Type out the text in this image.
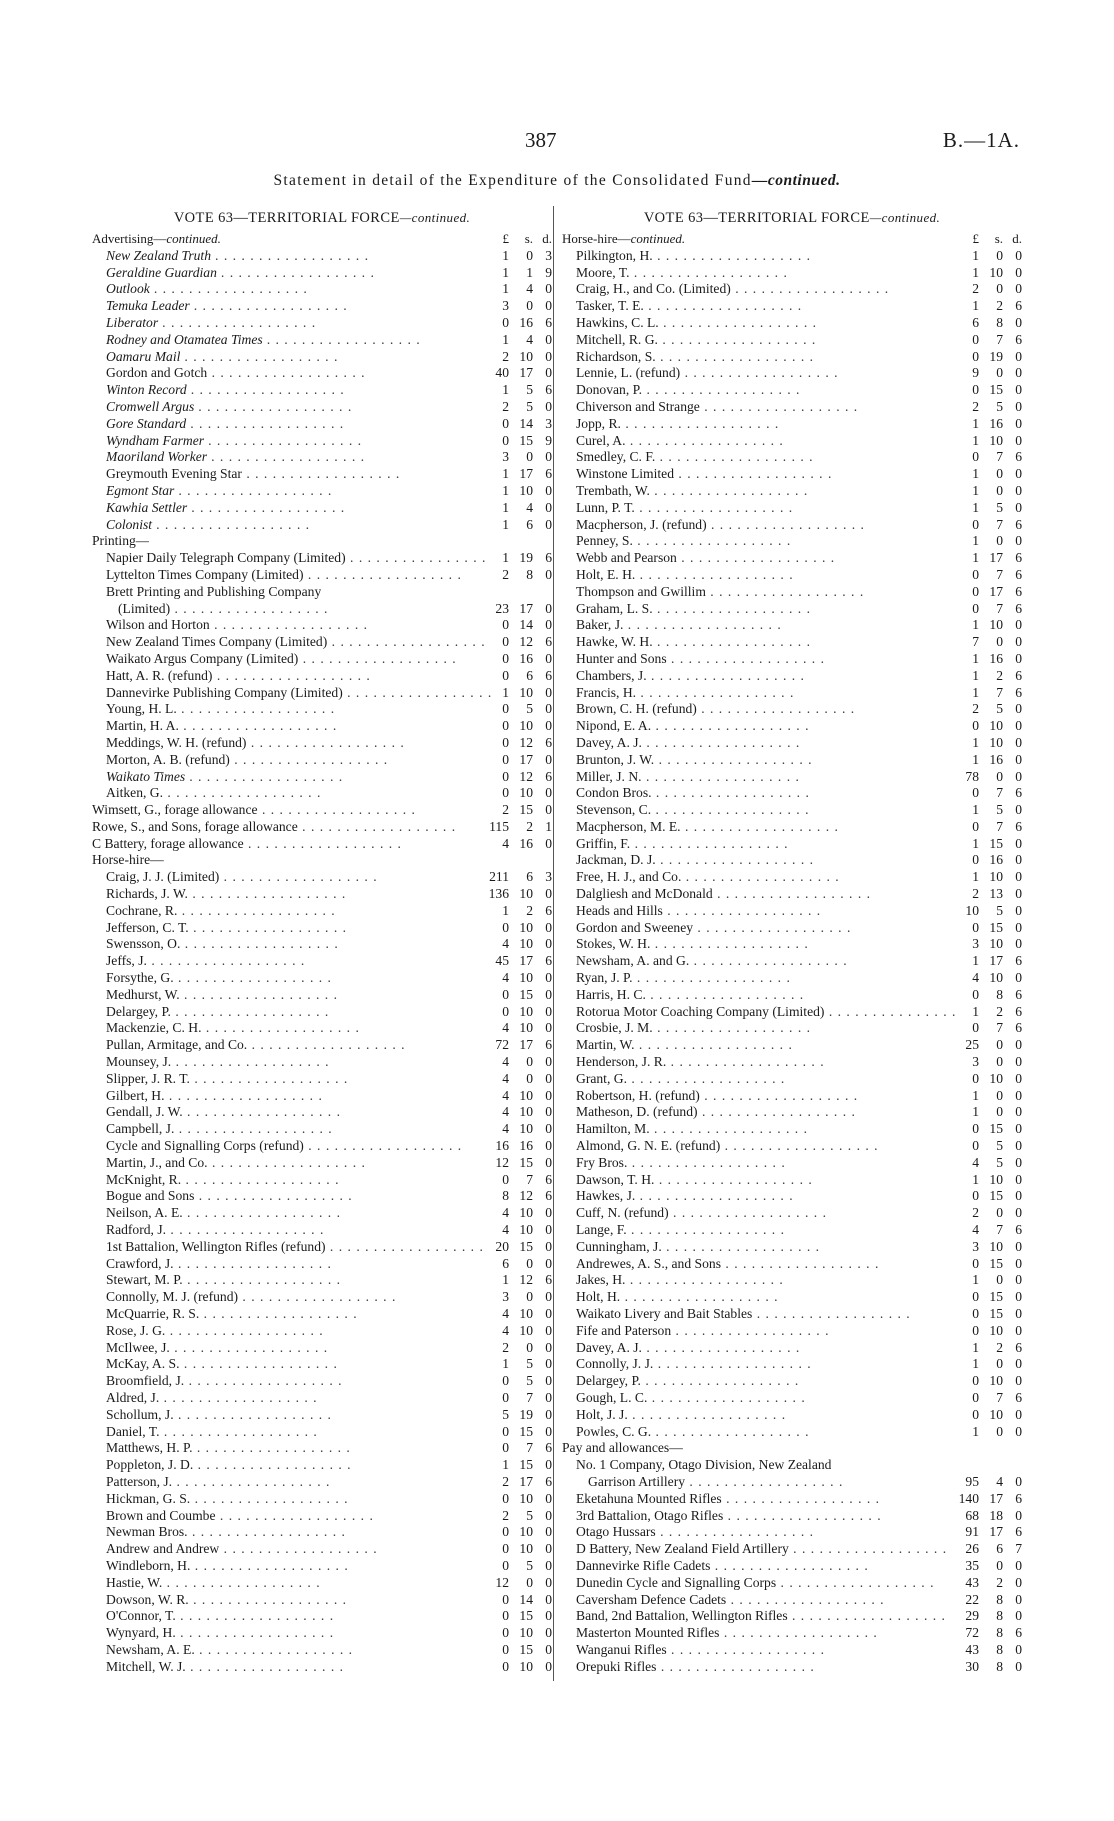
387	B.—1A.
Statement in detail of the Expenditure of the Consolidated Fund—continued.
VOTE 63—TERRITORIAL FORCE—continued.
Advertising—continued.	£	s. d.
New Zealand Truth . .	1	0 3
Geraldine Guardian . .	1	1 9
Outlook . .	1	4 0
Temuka Leader . .	3	0 0
Liberator . .	0 16 6
Rodney and Otamatea Times . .	1	4 0
Oamaru Mail . .	2 10 0
Gordon and Gotch . .	40 17 0
Winton Record . .	1	5 6
Cromwell Argus . .	2	5 0
Gore Standard . .	0 14 3
Wyndham Farmer . .	0 15 9
Maoriland Worker . .	3	0 0
Greymouth Evening Star . .	1 17 6
Egmont Star . .	1 10 0
Kawhia Settler . .	1	4 0
Colonist . .	1	6 0
Printing—
Napier Daily Telegraph Company (Limited) . .	1 19 6
Lyttelton Times Company (Limited) . .	2	8 0
Brett Printing and Publishing Company
(Limited) . .	23 17 0
Wilson and Horton . .	0 14 0
New Zealand Times Company (Limited) . .	0 12 6
Waikato Argus Company (Limited) . .	0 16 0
Hatt, A. R. (refund) . .	0	6 6
Dannevirke Publishing Company (Limited) . .	1 10 0
Young, H. L. . .	0	5 0
Martin, H. A. . .	0 10 0
Meddings, W. H. (refund) . .	0 12 6
Morton, A. B. (refund) . .	0 17 0
Waikato Times . .	0 12 6
Aitken, G. . .	0 10 0
Wimsett, G., forage allowance . .	2 15 0
Rowe, S., and Sons, forage allowance . .	115	2 1
C Battery, forage allowance . .	4 16 0
Horse-hire—
Craig, J. J. (Limited) . .	211	6 3
Richards, J. W. . .	136 10 0
Cochrane, R. . .	1	2 6
Jefferson, C. T. . .	0 10 0
Swensson, O. . .	4 10 0
Jeffs, J. . .	45 17 6
Forsythe, G. . .	4 10 0
Medhurst, W. . .	0 15 0
Delargey, P. . .	0 10 0
Mackenzie, C. H. . .	4 10 0
Pullan, Armitage, and Co. . .	72 17 6
Mounsey, J. . .	4	0 0
Slipper, J. R. T. . .	4	0 0
Gilbert, H. . .	4 10 0
Gendall, J. W. . .	4 10 0
Campbell, J. . .	4 10 0
Cycle and Signalling Corps (refund) . .	16 16 0
Martin, J., and Co. . .	12 15 0
McKnight, R. . .	0	7 6
Bogue and Sons . .	8 12 6
Neilson, A. E. . .	4 10 0
Radford, J. . .	4 10 0
1st Battalion, Wellington Rifles (refund) . .	20 15 0
Crawford, J. . .	6	0 0
Stewart, M. P. . .	1 12 6
Connolly, M. J. (refund) . .	3	0 0
McQuarrie, R. S. . .	4 10 0
Rose, J. G. . .	4 10 0
McIlwee, J. . .	2	0 0
McKay, A. S. . .	1	5 0
Broomfield, J. . .	0	5 0
Aldred, J. . .	0	7 0
Schollum, J. . .	5 19 0
Daniel, T. . .	0 15 0
Matthews, H. P. . .	0	7 6
Poppleton, J. D. . .	1 15 0
Patterson, J. . .	2 17 6
Hickman, G. S. . .	0 10 0
Brown and Coumbe . .	2	5 0
Newman Bros. . .	0 10 0
Andrew and Andrew . .	0 10 0
Windleborn, H. . .	0	5 0
Hastie, W. . .	12	0 0
Dowson, W. R. . .	0 14 0
O'Connor, T. . .	0 15 0
Wynyard, H. . .	0 10 0
Newsham, A. E. . .	0 15 0
Mitchell, W. J. . .	0 10 0
VOTE 63—TERRITORIAL FORCE—continued.
Horse-hire—continued.	£	s. d.
Pilkington, H. . .	1	0 0
Moore, T. . .	1 10 0
Craig, H., and Co. (Limited) . .	2	0 0
Tasker, T. E. . .	1	2 6
Hawkins, C. L. . .	6	8 0
Mitchell, R. G. . .	0	7 6
Richardson, S. . .	0 19 0
Lennie, L. (refund) . .	9	0 0
Donovan, P. . .	0 15 0
Chiverson and Strange . .	2	5 0
Jopp, R. . .	1 16 0
Curel, A. . .	1 10 0
Smedley, C. F. . .	0	7 6
Winstone Limited . .	1	0 0
Trembath, W. . .	1	0 0
Lunn, P. T. . .	1	5 0
Macpherson, J. (refund) . .	0	7 6
Penney, S. . .	1	0 0
Webb and Pearson . .	1 17 6
Holt, E. H. . .	0	7 6
Thompson and Gwillim . .	0 17 6
Graham, L. S. . .	0	7 6
Baker, J. . .	1 10 0
Hawke, W. H. . .	7	0 0
Hunter and Sons . .	1 16 0
Chambers, J. . .	1	2 6
Francis, H. . .	1	7 6
Brown, C. H. (refund) . .	2	5 0
Nipond, E. A. . .	0 10 0
Davey, A. J. . .	1 10 0
Brunton, J. W. . .	1 16 0
Miller, J. N. . .	78	0 0
Condon Bros. . .	0	7 6
Stevenson, C. . .	1	5 0
Macpherson, M. E. . .	0	7 6
Griffin, F. . .	1 15 0
Jackman, D. J. . .	0 16 0
Free, H. J., and Co. . .	1 10 0
Dalgliesh and McDonald . .	2 13 0
Heads and Hills . .	10	5 0
Gordon and Sweeney . .	0 15 0
Stokes, W. H. . .	3 10 0
Newsham, A. and G. . .	1 17 6
Ryan, J. P. . .	4 10 0
Harris, H. C. . .	0	8 6
Rotorua Motor Coaching Company (Limited) . .	1	2 6
Crosbie, J. M. . .	0	7 6
Martin, W. . .	25	0 0
Henderson, J. R. . .	3	0 0
Grant, G. . .	0 10 0
Robertson, H. (refund) . .	1	0 0
Matheson, D. (refund) . .	1	0 0
Hamilton, M. . .	0 15 0
Almond, G. N. E. (refund) . .	0	5 0
Fry Bros. . .	4	5 0
Dawson, T. H. . .	1 10 0
Hawkes, J. . .	0 15 0
Cuff, N. (refund) . .	2	0 0
Lange, F. . .	4	7 6
Cunningham, J. . .	3 10 0
Andrewes, A. S., and Sons . .	0 15 0
Jakes, H. . .	1	0 0
Holt, H. . .	0 15 0
Waikato Livery and Bait Stables . .	0 15 0
Fife and Paterson . .	0 10 0
Davey, A. J. . .	1	2 6
Connolly, J. J. . .	1	0 0
Delargey, P. . .	0 10 0
Gough, L. C. . .	0	7 6
Holt, J. J. . .	0 10 0
Powles, C. G. . .	1	0 0
Pay and allowances—
No. 1 Company, Otago Division, New Zealand
Garrison Artillery . .	95	4 0
Eketahuna Mounted Rifles . .	140 17 6
3rd Battalion, Otago Rifles . .	68 18 0
Otago Hussars . .	91 17 6
D Battery, New Zealand Field Artillery . .	26	6 7
Dannevirke Rifle Cadets . .	35	0 0
Dunedin Cycle and Signalling Corps . .	43	2 0
Caversham Defence Cadets . .	22	8 0
Band, 2nd Battalion, Wellington Rifles . .	29	8 0
Masterton Mounted Rifles . .	72	8 6
Wanganui Rifles . .	43	8 0
Orepuki Rifles . .	30	8 0
